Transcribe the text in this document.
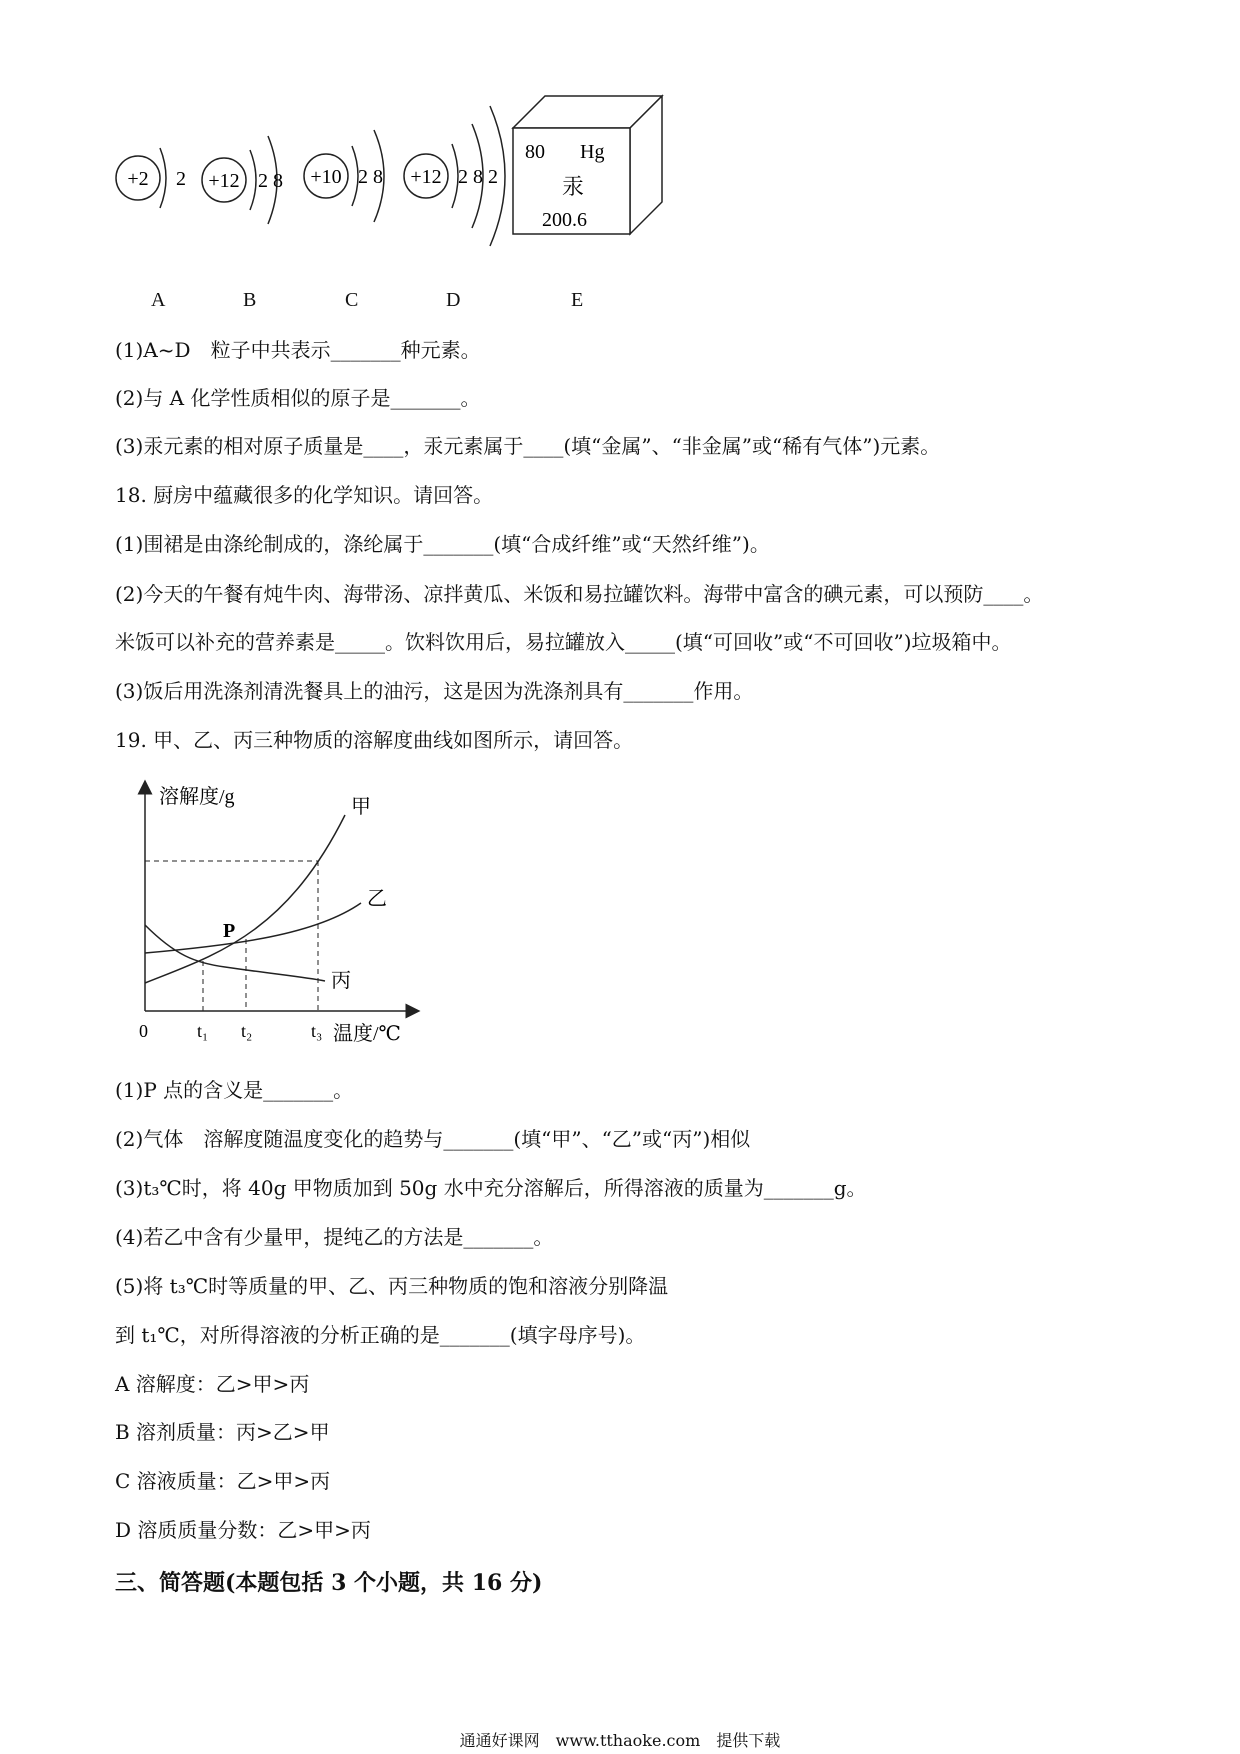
+2 2 +12 2 8 +10 2 8 +12 2 8 2
80 Hg
汞
200.6
A	B	C	D	E
(1)A~D　粒子中共表示_______种元素。
(2)与 A 化学性质相似的原子是_______。
(3)汞元素的相对原子质量是____，汞元素属于____(填“金属”、“非金属”或“稀有气体”)元素。
18. 厨房中蕴藏很多的化学知识。请回答。
(1)围裙是由涤纶制成的，涤纶属于_______(填“合成纤维”或“天然纤维”)。
(2)今天的午餐有炖牛肉、海带汤、凉拌黄瓜、米饭和易拉罐饮料。海带中富含的碘元素，可以预防____。
米饭可以补充的营养素是_____。饮料饮用后，易拉罐放入_____(填“可回收”或“不可回收”)垃圾箱中。
(3)饭后用洗涤剂清洗餐具上的油污，这是因为洗涤剂具有_______作用。
19. 甲、乙、丙三种物质的溶解度曲线如图所示，请回答。
溶解度/g
温度/℃
0	t₁ t₂	t₃
P
甲
乙
丙
(1)P 点的含义是_______。
(2)气体　溶解度随温度变化的趋势与_______(填“甲”、“乙”或“丙”)相似
(3)t₃℃时，将 40g 甲物质加到 50g 水中充分溶解后，所得溶液的质量为_______g。
(4)若乙中含有少量甲，提纯乙的方法是_______。
(5)将 t₃℃时等质量的甲、乙、丙三种物质的饱和溶液分别降温
到 t₁℃，对所得溶液的分析正确的是_______(填字母序号)。
A 溶解度：乙>甲>丙
B 溶剂质量：丙>乙>甲
C 溶液质量：乙>甲>丙
D 溶质质量分数：乙>甲>丙
三、简答题(本题包括 3 个小题，共 16 分)
通通好课网　www.tthaoke.com　提供下载
